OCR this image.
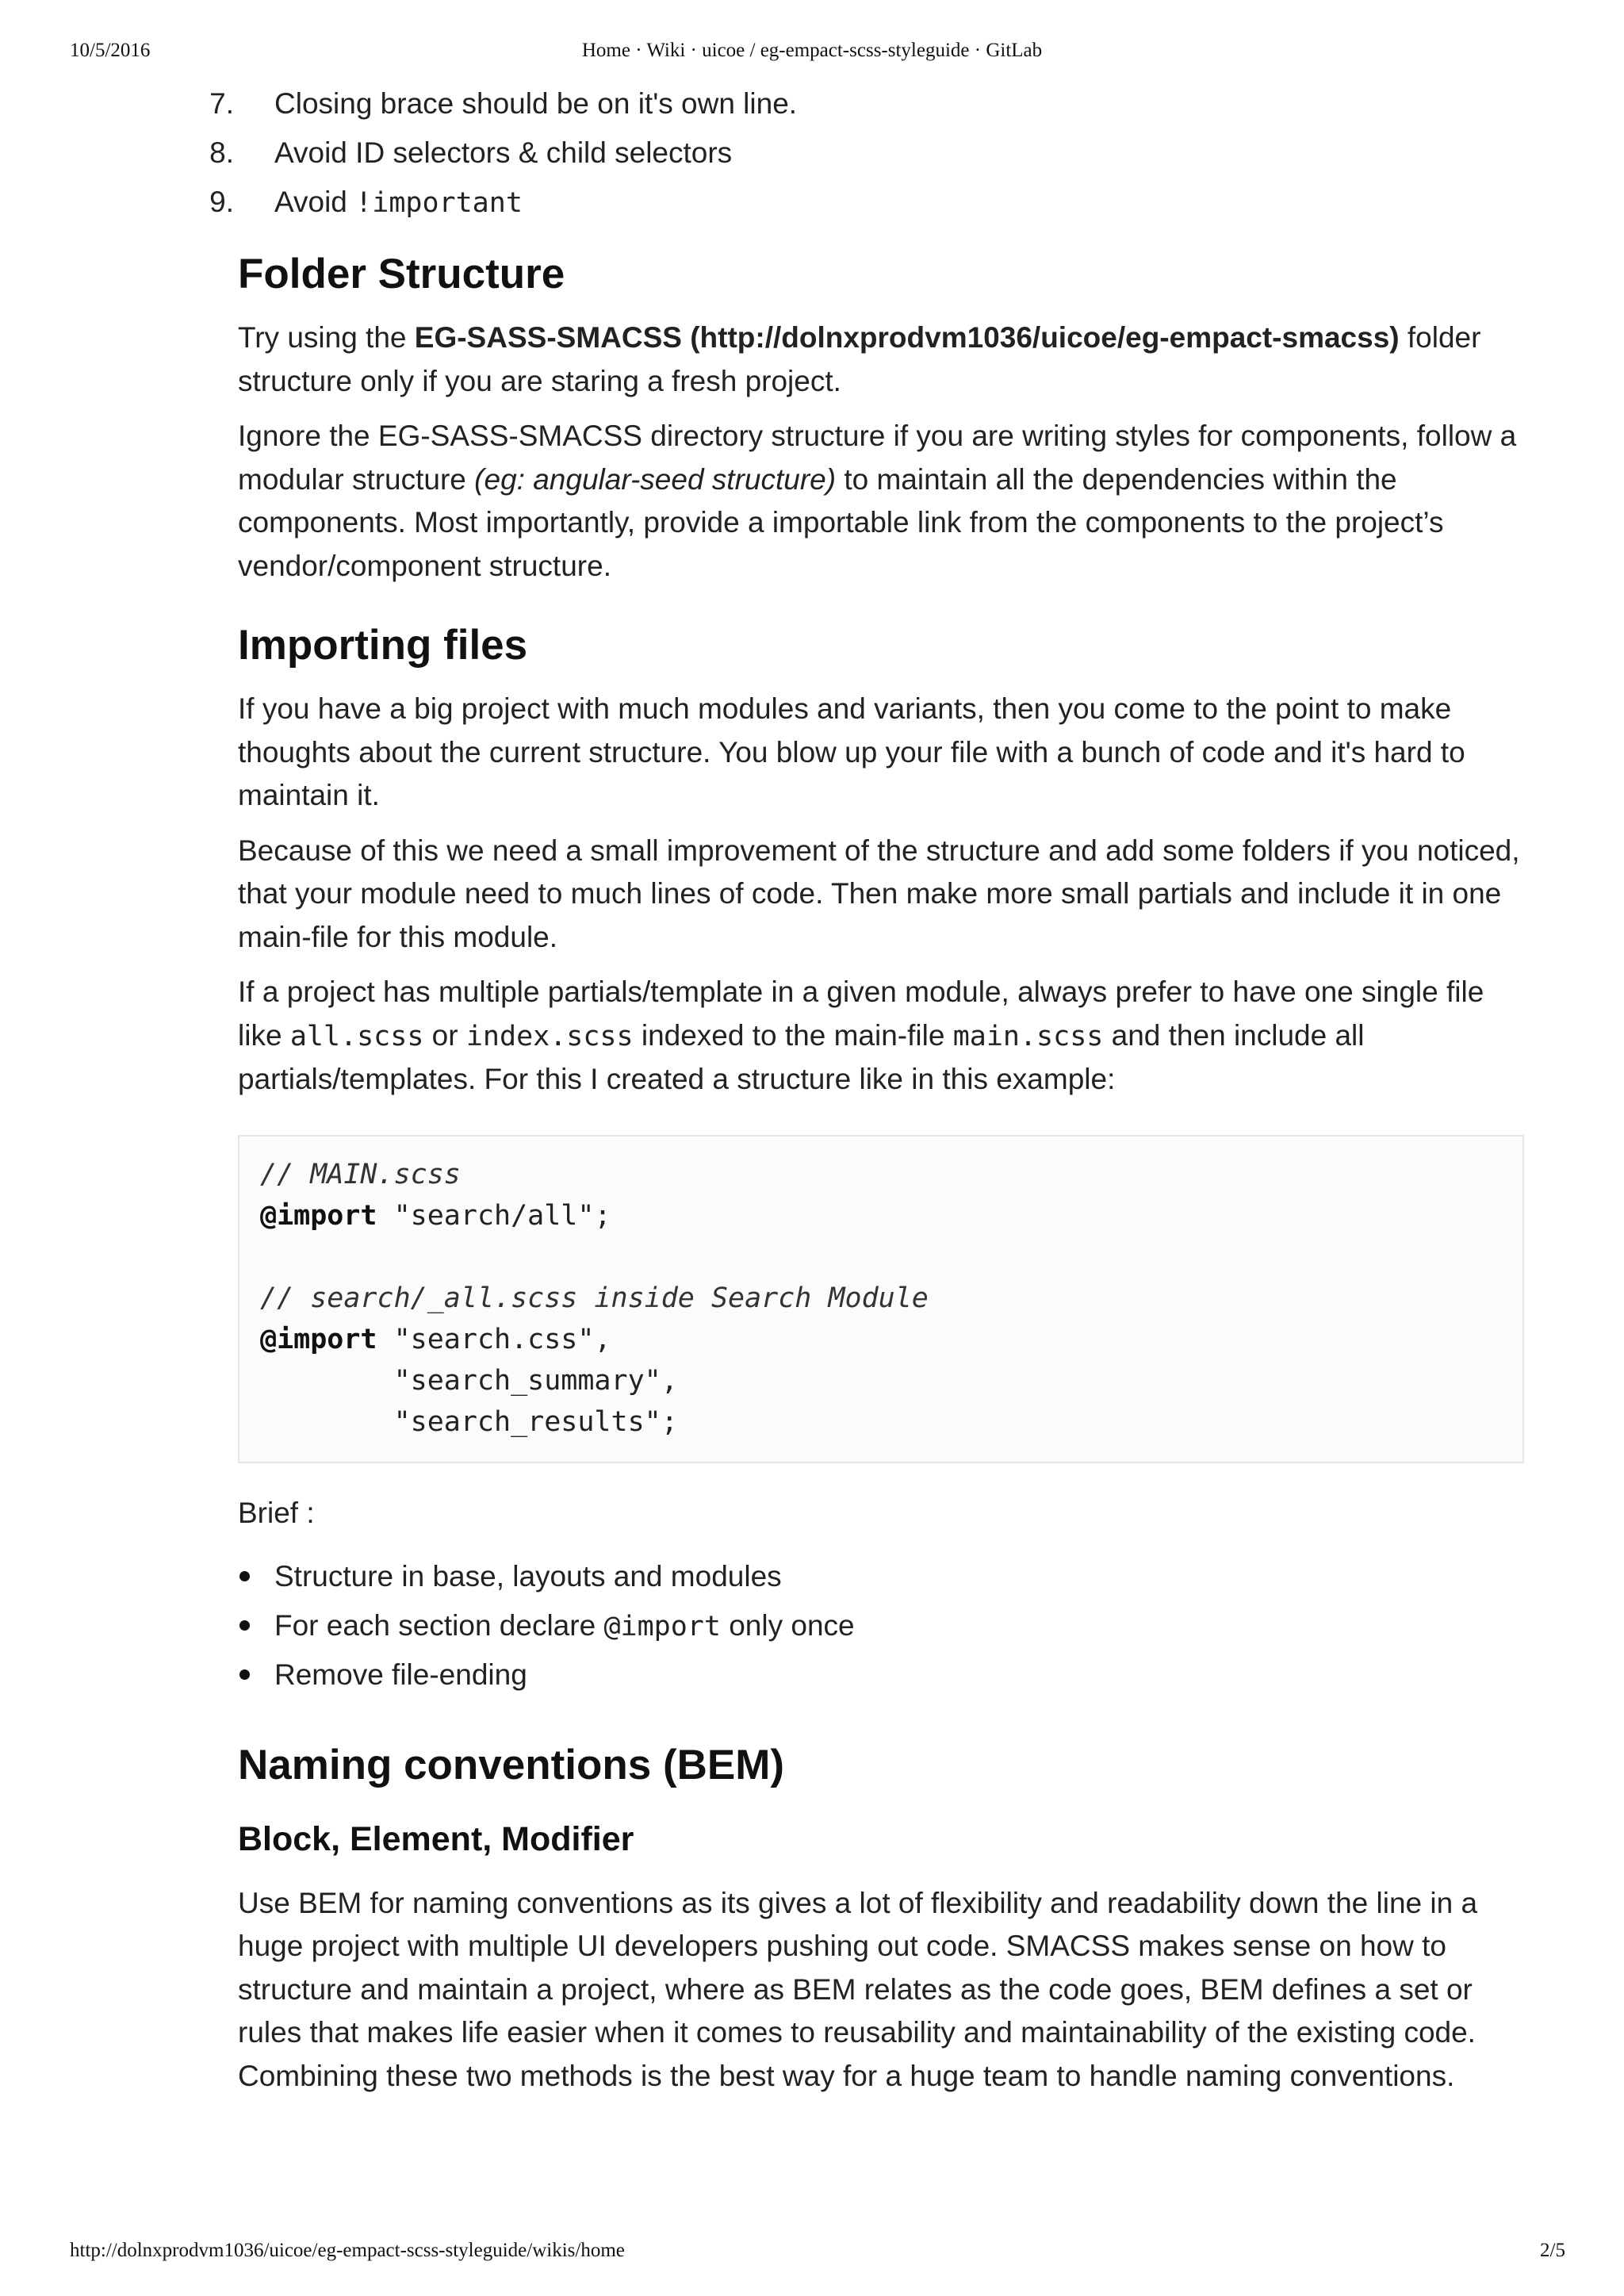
10/5/2016	Home · Wiki · uicoe / eg-empact-scss-styleguide · GitLab
7. Closing brace should be on it's own line.
8. Avoid ID selectors & child selectors
9. Avoid !important
Folder Structure

Try using the EG-SASS-SMACSS (http://dolnxprodvm1036/uicoe/eg-empact-smacss) folder structure only if you are staring a fresh project.

Ignore the EG-SASS-SMACSS directory structure if you are writing styles for components, follow a modular structure (eg: angular-seed structure) to maintain all the dependencies within the components. Most importantly, provide a importable link from the components to the project’s vendor/component structure.

Importing files

If you have a big project with much modules and variants, then you come to the point to make thoughts about the current structure. You blow up your file with a bunch of code and it's hard to maintain it.

Because of this we need a small improvement of the structure and add some folders if you noticed, that your module need to much lines of code. Then make more small partials and include it in one main-file for this module.

If a project has multiple partials/template in a given module, always prefer to have one single file like all.scss or index.scss indexed to the main-file main.scss and then include all partials/templates. For this I created a structure like in this example:

// MAIN.scss
@import "search/all";

// search/_all.scss inside Search Module
@import "search.css",
"search_summary",
"search_results";

Brief :

Structure in base, layouts and modules
For each section declare @import only once
Remove file-ending
Naming conventions (BEM)
Block, Element, Modifier

Use BEM for naming conventions as its gives a lot of flexibility and readability down the line in a huge project with multiple UI developers pushing out code. SMACSS makes sense on how to structure and maintain a project, where as BEM relates as the code goes, BEM defines a set or rules that makes life easier when it comes to reusability and maintainability of the existing code. Combining these two methods is the best way for a huge team to handle naming conventions.

http://dolnxprodvm1036/uicoe/eg-empact-scss-styleguide/wikis/home	2/5
